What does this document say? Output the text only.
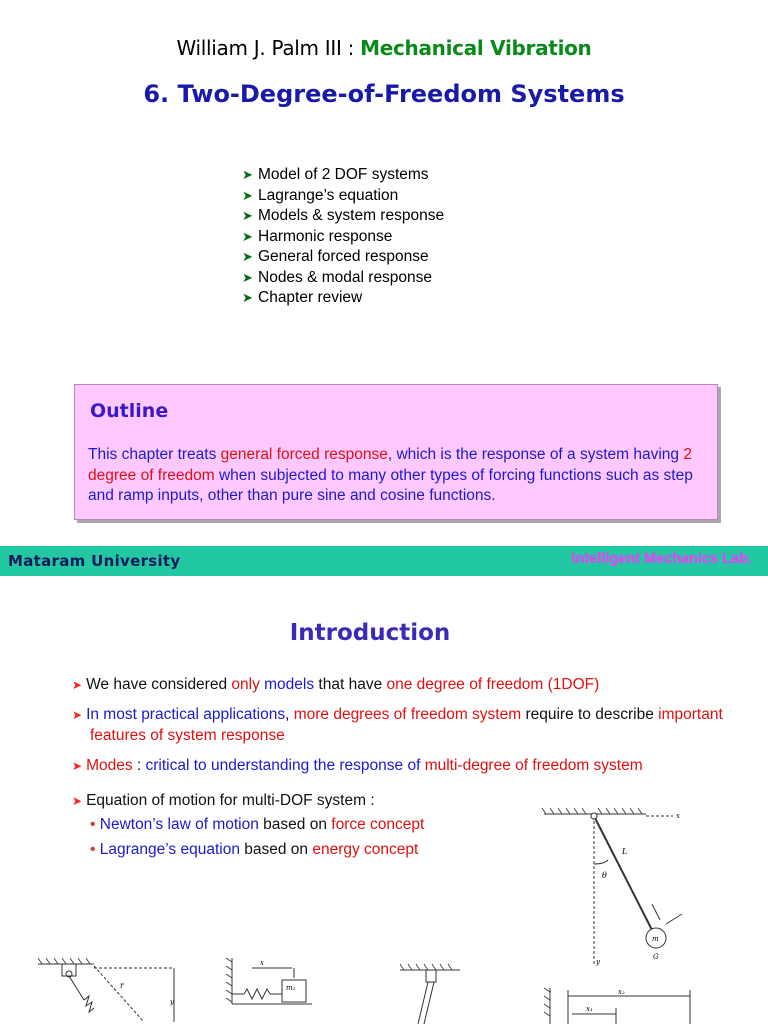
William J. Palm III : Mechanical Vibration
6. Two-Degree-of-Freedom Systems
➤ Model of 2 DOF systems
➤ Lagrange’s equation
➤ Models & system response
➤ Harmonic response
➤ General forced response
➤ Nodes & modal response
➤ Chapter review
Outline
This chapter treats general forced response, which is the response of a system having 2 degree of freedom when subjected to many other types of forcing functions such as step and ramp inputs, other than pure sine and cosine functions.
Mataram University	Intelligent Mechanics Lab.
Introduction
➤ We have considered only models that have one degree of freedom (1DOF)
➤ In most practical applications, more degrees of freedom system require to describe important features of system response
➤ Modes : critical to understanding the response of multi-degree of freedom system
➤ Equation of motion for multi-DOF system :
• Newton’s law of motion based on force concept
• Lagrange’s equation based on energy concept
x
L
θ
m
G
y
r
y
x
m₁	x₂
x₁
